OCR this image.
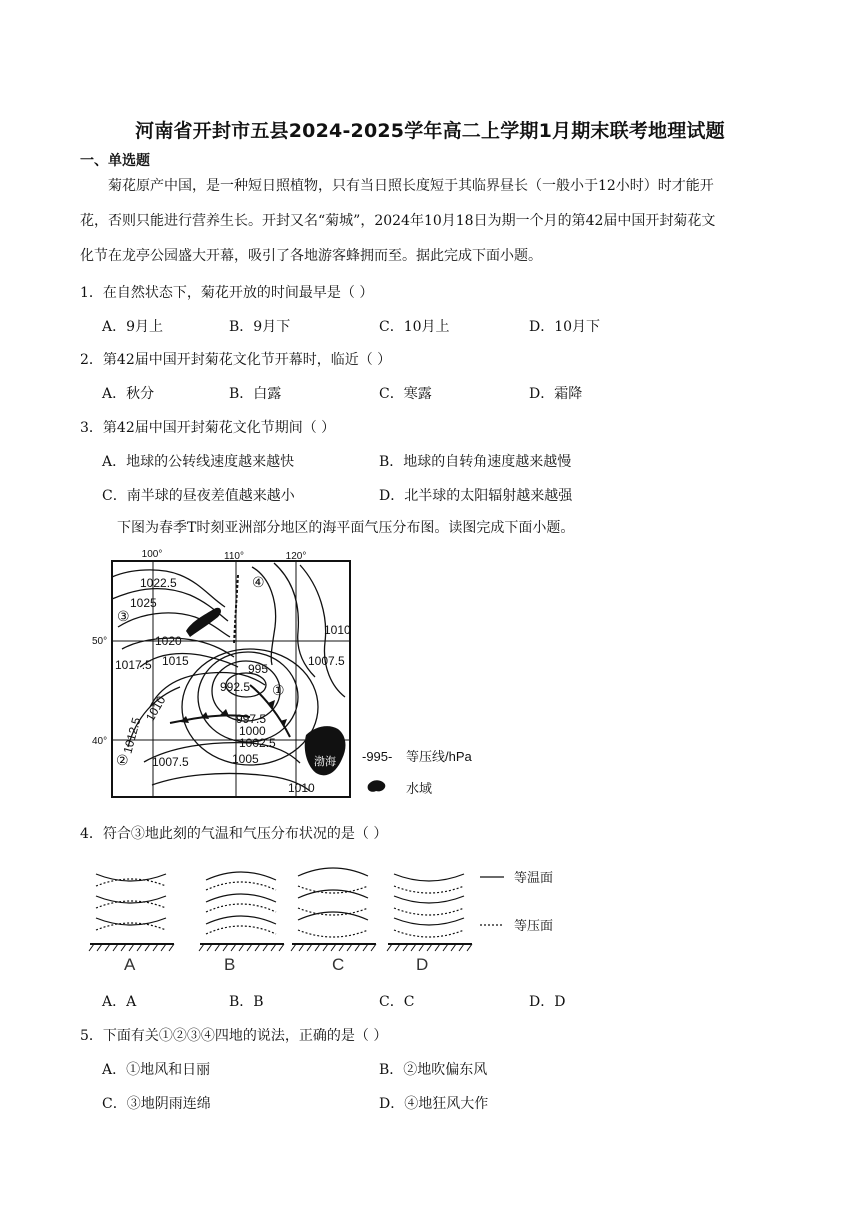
河南省开封市五县2024-2025学年高二上学期1月期末联考地理试题
一、单选题
菊花原产中国，是一种短日照植物，只有当日照长度短于其临界昼长（一般小于12小时）时才能开
花，否则只能进行营养生长。开封又名“菊城”，2024年10月18日为期一个月的第42届中国开封菊花文
化节在龙亭公园盛大开幕，吸引了各地游客蜂拥而至。据此完成下面小题。
1．在自然状态下，菊花开放的时间最早是（ ）
A．9月上	B．9月下	C．10月上	D．10月下
2．第42届中国开封菊花文化节开幕时，临近（ ）
A．秋分	B．白露	C．寒露	D．霜降
3．第42届中国开封菊花文化节期间（ ）
A．地球的公转线速度越来越快	B．地球的自转角速度越来越慢
C．南半球的昼夜差值越来越小	D．北半球的太阳辐射越来越强
下图为春季T时刻亚洲部分地区的海平面气压分布图。读图完成下面小题。
100°	110°	120°
50°
40°
渤海
1022.5
1025
1020
1017.5 1015
1010
1012.5
1007.5	1005
995
992.5
997.5
1000
1002.5
1010
1007.5
1010
①
②
③
④
-995- 等压线/hPa
水域
4．符合③地此刻的气温和气压分布状况的是（ ）
A	B	C	D
等温面
等压面
A．A	B．B	C．C	D．D
5．下面有关①②③④四地的说法，正确的是（ ）
A．①地风和日丽	B．②地吹偏东风
C．③地阴雨连绵	D．④地狂风大作
